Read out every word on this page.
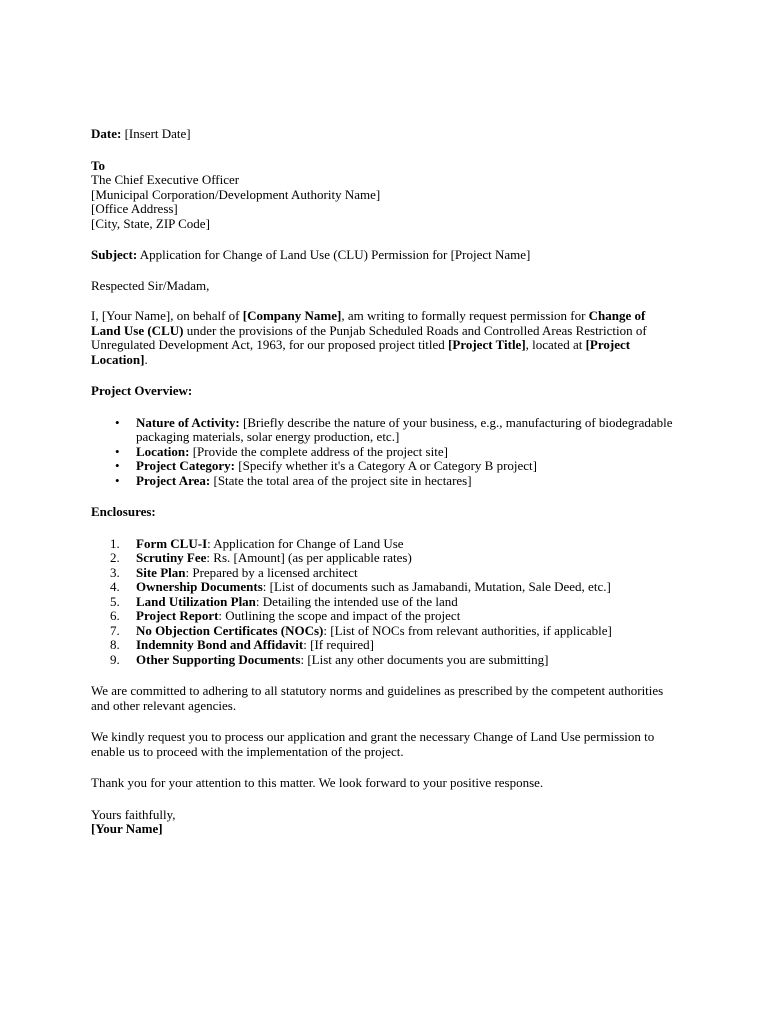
Date: [Insert Date]

To

The Chief Executive Officer

[Municipal Corporation/Development Authority Name]

[Office Address]

[City, State, ZIP Code]

Subject: Application for Change of Land Use (CLU) Permission for [Project Name]

Respected Sir/Madam,

I, [Your Name], on behalf of [Company Name], am writing to formally request permission for Change of Land Use (CLU) under the provisions of the Punjab Scheduled Roads and Controlled Areas Restriction of Unregulated Development Act, 1963, for our proposed project titled [Project Title], located at [Project Location].

Project Overview:

• Nature of Activity: [Briefly describe the nature of your business, e.g., manufacturing of biodegradable packaging materials, solar energy production, etc.]
• Location: [Provide the complete address of the project site]
• Project Category: [Specify whether it's a Category A or Category B project]
• Project Area: [State the total area of the project site in hectares]

Enclosures:

1. Form CLU-I: Application for Change of Land Use
2. Scrutiny Fee: Rs. [Amount] (as per applicable rates)
3. Site Plan: Prepared by a licensed architect
4. Ownership Documents: [List of documents such as Jamabandi, Mutation, Sale Deed, etc.]
5. Land Utilization Plan: Detailing the intended use of the land
6. Project Report: Outlining the scope and impact of the project
7. No Objection Certificates (NOCs): [List of NOCs from relevant authorities, if applicable]
8. Indemnity Bond and Affidavit: [If required]
9. Other Supporting Documents: [List any other documents you are submitting]

We are committed to adhering to all statutory norms and guidelines as prescribed by the competent authorities and other relevant agencies.

We kindly request you to process our application and grant the necessary Change of Land Use permission to enable us to proceed with the implementation of the project.

Thank you for your attention to this matter. We look forward to your positive response.

Yours faithfully,

[Your Name]
